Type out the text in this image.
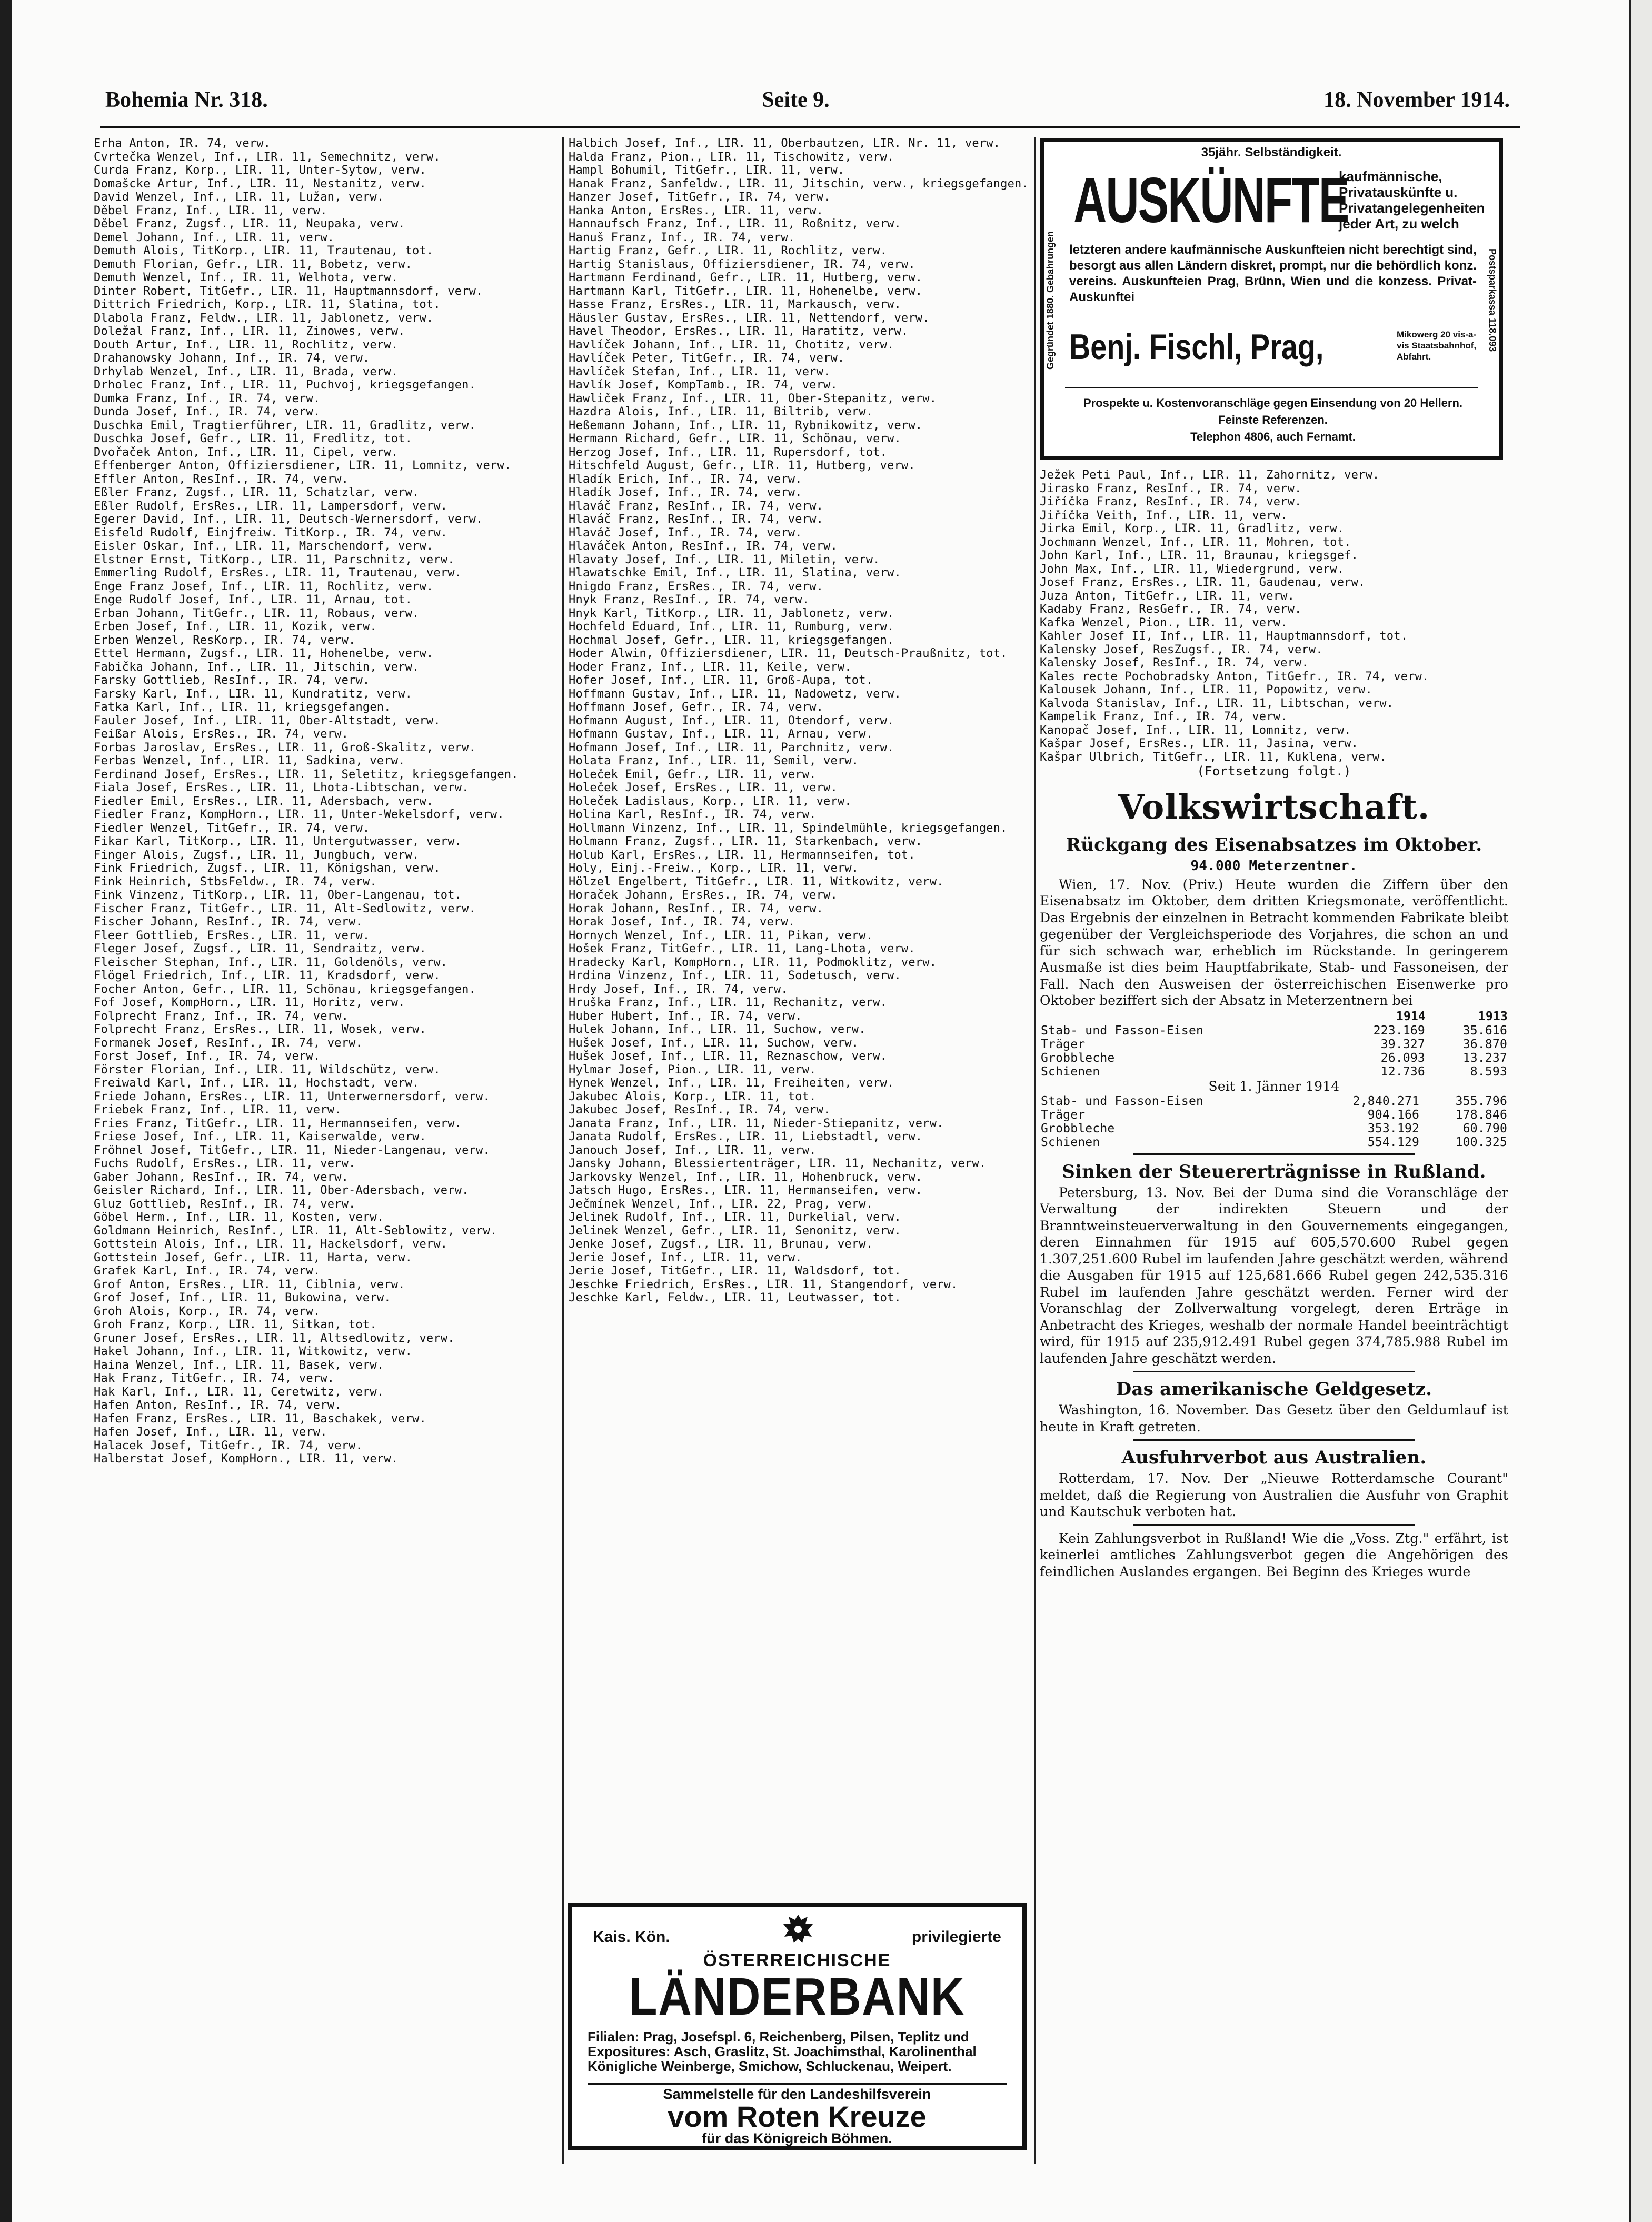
Bohemia Nr. 318.	Seite 9.	18. November 1914.

Erha Anton, IR. 74, verw.

Cvrtečka Wenzel, Inf., LIR. 11, Semechnitz, verw.

Curda Franz, Korp., LIR. 11, Unter-Sytow, verw.

Domašcke Artur, Inf., LIR. 11, Nestanitz, verw.

David Wenzel, Inf., LIR. 11, Lužan, verw.

Děbel Franz, Inf., LIR. 11, verw.

Děbel Franz, Zugsf., LIR. 11, Neupaka, verw.

Demel Johann, Inf., LIR. 11, verw.

Demuth Alois, TitKorp., LIR. 11, Trautenau, tot.

Demuth Florian, Gefr., LIR. 11, Bobetz, verw.

Demuth Wenzel, Inf., IR. 11, Welhota, verw.

Dinter Robert, TitGefr., LIR. 11, Hauptmannsdorf, verw.

Dittrich Friedrich, Korp., LIR. 11, Slatina, tot.

Dlabola Franz, Feldw., LIR. 11, Jablonetz, verw.

Doležal Franz, Inf., LIR. 11, Zinowes, verw.

Douth Artur, Inf., LIR. 11, Rochlitz, verw.

Drahanowsky Johann, Inf., IR. 74, verw.

Drhylab Wenzel, Inf., LIR. 11, Brada, verw.

Drholec Franz, Inf., LIR. 11, Puchvoj, kriegsgefangen.

Dumka Franz, Inf., IR. 74, verw.

Dunda Josef, Inf., IR. 74, verw.

Duschka Emil, Tragtierführer, LIR. 11, Gradlitz, verw.

Duschka Josef, Gefr., LIR. 11, Fredlitz, tot.

Dvořaček Anton, Inf., LIR. 11, Cipel, verw.

Effenberger Anton, Offiziersdiener, LIR. 11, Lomnitz, verw.

Effler Anton, ResInf., IR. 74, verw.

Eßler Franz, Zugsf., LIR. 11, Schatzlar, verw.

Eßler Rudolf, ErsRes., LIR. 11, Lampersdorf, verw.

Egerer David, Inf., LIR. 11, Deutsch-Wernersdorf, verw.

Eisfeld Rudolf, Einjfreiw. TitKorp., IR. 74, verw.

Eisler Oskar, Inf., LIR. 11, Marschendorf, verw.

Elstner Ernst, TitKorp., LIR. 11, Parschnitz, verw.

Emmerling Rudolf, ErsRes., LIR. 11, Trautenau, verw.

Enge Franz Josef, Inf., LIR. 11, Rochlitz, verw.

Enge Rudolf Josef, Inf., LIR. 11, Arnau, tot.

Erban Johann, TitGefr., LIR. 11, Robaus, verw.

Erben Josef, Inf., LIR. 11, Kozik, verw.

Erben Wenzel, ResKorp., IR. 74, verw.

Ettel Hermann, Zugsf., LIR. 11, Hohenelbe, verw.

Fabička Johann, Inf., LIR. 11, Jitschin, verw.

Farsky Gottlieb, ResInf., IR. 74, verw.

Farsky Karl, Inf., LIR. 11, Kundratitz, verw.

Fatka Karl, Inf., LIR. 11, kriegsgefangen.

Fauler Josef, Inf., LIR. 11, Ober-Altstadt, verw.

Feißar Alois, ErsRes., IR. 74, verw.

Forbas Jaroslav, ErsRes., LIR. 11, Groß-Skalitz, verw.

Ferbas Wenzel, Inf., LIR. 11, Sadkina, verw.

Ferdinand Josef, ErsRes., LIR. 11, Seletitz, kriegsgefangen.

Fiala Josef, ErsRes., LIR. 11, Lhota-Libtschan, verw.

Fiedler Emil, ErsRes., LIR. 11, Adersbach, verw.

Fiedler Franz, KompHorn., LIR. 11, Unter-Wekelsdorf, verw.

Fiedler Wenzel, TitGefr., IR. 74, verw.

Fikar Karl, TitKorp., LIR. 11, Untergutwasser, verw.

Finger Alois, Zugsf., LIR. 11, Jungbuch, verw.

Fink Friedrich, Zugsf., LIR. 11, Königshan, verw.

Fink Heinrich, StbsFeldw., IR. 74, verw.

Fink Vinzenz, TitKorp., LIR. 11, Ober-Langenau, tot.

Fischer Franz, TitGefr., LIR. 11, Alt-Sedlowitz, verw.

Fischer Johann, ResInf., IR. 74, verw.

Fleer Gottlieb, ErsRes., LIR. 11, verw.

Fleger Josef, Zugsf., LIR. 11, Sendraitz, verw.

Fleischer Stephan, Inf., LIR. 11, Goldenöls, verw.

Flögel Friedrich, Inf., LIR. 11, Kradsdorf, verw.

Focher Anton, Gefr., LIR. 11, Schönau, kriegsgefangen.

Fof Josef, KompHorn., LIR. 11, Horitz, verw.

Folprecht Franz, Inf., IR. 74, verw.

Folprecht Franz, ErsRes., LIR. 11, Wosek, verw.

Formanek Josef, ResInf., IR. 74, verw.

Forst Josef, Inf., IR. 74, verw.

Förster Florian, Inf., LIR. 11, Wildschütz, verw.

Freiwald Karl, Inf., LIR. 11, Hochstadt, verw.

Friede Johann, ErsRes., LIR. 11, Unterwernersdorf, verw.

Friebek Franz, Inf., LIR. 11, verw.

Fries Franz, TitGefr., LIR. 11, Hermannseifen, verw.

Friese Josef, Inf., LIR. 11, Kaiserwalde, verw.

Fröhnel Josef, TitGefr., LIR. 11, Nieder-Langenau, verw.

Fuchs Rudolf, ErsRes., LIR. 11, verw.

Gaber Johann, ResInf., IR. 74, verw.

Geisler Richard, Inf., LIR. 11, Ober-Adersbach, verw.

Gluz Gottlieb, ResInf., IR. 74, verw.

Göbel Herm., Inf., LIR. 11, Kosten, verw.

Goldmann Heinrich, ResInf., LIR. 11, Alt-Seblowitz, verw.

Gottstein Alois, Inf., LIR. 11, Hackelsdorf, verw.

Gottstein Josef, Gefr., LIR. 11, Harta, verw.

Grafek Karl, Inf., IR. 74, verw.

Grof Anton, ErsRes., LIR. 11, Ciblnia, verw.

Grof Josef, Inf., LIR. 11, Bukowina, verw.

Groh Alois, Korp., IR. 74, verw.

Groh Franz, Korp., LIR. 11, Sitkan, tot.

Gruner Josef, ErsRes., LIR. 11, Altsedlowitz, verw.

Hakel Johann, Inf., LIR. 11, Witkowitz, verw.

Haina Wenzel, Inf., LIR. 11, Basek, verw.

Hak Franz, TitGefr., IR. 74, verw.

Hak Karl, Inf., LIR. 11, Ceretwitz, verw.

Hafen Anton, ResInf., IR. 74, verw.

Hafen Franz, ErsRes., LIR. 11, Baschakek, verw.

Hafen Josef, Inf., LIR. 11, verw.

Halacek Josef, TitGefr., IR. 74, verw.

Halberstat Josef, KompHorn., LIR. 11, verw.

Halbich Josef, Inf., LIR. 11, Oberbautzen, LIR. Nr. 11, verw.

Halda Franz, Pion., LIR. 11, Tischowitz, verw.

Hampl Bohumil, TitGefr., LIR. 11, verw.

Hanak Franz, Sanfeldw., LIR. 11, Jitschin, verw., kriegsgefangen.

Hanzer Josef, TitGefr., IR. 74, verw.

Hanka Anton, ErsRes., LIR. 11, verw.

Hannaufsch Franz, Inf., LIR. 11, Roßnitz, verw.

Hanuš Franz, Inf., IR. 74, verw.

Hartig Franz, Gefr., LIR. 11, Rochlitz, verw.

Hartig Stanislaus, Offiziersdiener, IR. 74, verw.

Hartmann Ferdinand, Gefr., LIR. 11, Hutberg, verw.

Hartmann Karl, TitGefr., LIR. 11, Hohenelbe, verw.

Hasse Franz, ErsRes., LIR. 11, Markausch, verw.

Häusler Gustav, ErsRes., LIR. 11, Nettendorf, verw.

Havel Theodor, ErsRes., LIR. 11, Haratitz, verw.

Havlíček Johann, Inf., LIR. 11, Chotitz, verw.

Havlíček Peter, TitGefr., IR. 74, verw.

Havlíček Stefan, Inf., LIR. 11, verw.

Havlík Josef, KompTamb., IR. 74, verw.

Hawliček Franz, Inf., LIR. 11, Ober-Stepanitz, verw.

Hazdra Alois, Inf., LIR. 11, Biltrib, verw.

Heßemann Johann, Inf., LIR. 11, Rybnikowitz, verw.

Hermann Richard, Gefr., LIR. 11, Schönau, verw.

Herzog Josef, Inf., LIR. 11, Rupersdorf, tot.

Hitschfeld August, Gefr., LIR. 11, Hutberg, verw.

Hladík Erich, Inf., IR. 74, verw.

Hladík Josef, Inf., IR. 74, verw.

Hlaváč Franz, ResInf., IR. 74, verw.

Hlaváč Franz, ResInf., IR. 74, verw.

Hlaváč Josef, Inf., IR. 74, verw.

Hlaváček Anton, ResInf., IR. 74, verw.

Hlavaty Josef, Inf., LIR. 11, Miletin, verw.

Hlawatschke Emil, Inf., LIR. 11, Slatina, verw.

Hnigdo Franz, ErsRes., IR. 74, verw.

Hnyk Franz, ResInf., IR. 74, verw.

Hnyk Karl, TitKorp., LIR. 11, Jablonetz, verw.

Hochfeld Eduard, Inf., LIR. 11, Rumburg, verw.

Hochmal Josef, Gefr., LIR. 11, kriegsgefangen.

Hoder Alwin, Offiziersdiener, LIR. 11, Deutsch-Praußnitz, tot.

Hoder Franz, Inf., LIR. 11, Keile, verw.

Hofer Josef, Inf., LIR. 11, Groß-Aupa, tot.

Hoffmann Gustav, Inf., LIR. 11, Nadowetz, verw.

Hoffmann Josef, Gefr., IR. 74, verw.

Hofmann August, Inf., LIR. 11, Otendorf, verw.

Hofmann Gustav, Inf., LIR. 11, Arnau, verw.

Hofmann Josef, Inf., LIR. 11, Parchnitz, verw.

Holata Franz, Inf., LIR. 11, Semil, verw.

Holeček Emil, Gefr., LIR. 11, verw.

Holeček Josef, ErsRes., LIR. 11, verw.

Holeček Ladislaus, Korp., LIR. 11, verw.

Holina Karl, ResInf., IR. 74, verw.

Hollmann Vinzenz, Inf., LIR. 11, Spindelmühle, kriegsgefangen.

Holmann Franz, Zugsf., LIR. 11, Starkenbach, verw.

Holub Karl, ErsRes., LIR. 11, Hermannseifen, tot.

Holy, Einj.-Freiw., Korp., LIR. 11, verw.

Hölzel Engelbert, TitGefr., LIR. 11, Witkowitz, verw.

Horaček Johann, ErsRes., IR. 74, verw.

Horak Johann, ResInf., IR. 74, verw.

Horak Josef, Inf., IR. 74, verw.

Hornych Wenzel, Inf., LIR. 11, Pikan, verw.

Hošek Franz, TitGefr., LIR. 11, Lang-Lhota, verw.

Hradecky Karl, KompHorn., LIR. 11, Podmoklitz, verw.

Hrdina Vinzenz, Inf., LIR. 11, Sodetusch, verw.

Hrdy Josef, Inf., IR. 74, verw.

Hruška Franz, Inf., LIR. 11, Rechanitz, verw.

Huber Hubert, Inf., IR. 74, verw.

Hulek Johann, Inf., LIR. 11, Suchow, verw.

Hušek Josef, Inf., LIR. 11, Suchow, verw.

Hušek Josef, Inf., LIR. 11, Reznaschow, verw.

Hylmar Josef, Pion., LIR. 11, verw.

Hynek Wenzel, Inf., LIR. 11, Freiheiten, verw.

Jakubec Alois, Korp., LIR. 11, tot.

Jakubec Josef, ResInf., IR. 74, verw.

Janata Franz, Inf., LIR. 11, Nieder-Stiepanitz, verw.

Janata Rudolf, ErsRes., LIR. 11, Liebstadtl, verw.

Janouch Josef, Inf., LIR. 11, verw.

Jansky Johann, Blessiertenträger, LIR. 11, Nechanitz, verw.

Jarkovsky Wenzel, Inf., LIR. 11, Hohenbruck, verw.

Jatsch Hugo, ErsRes., LIR. 11, Hermanseifen, verw.

Ječmínek Wenzel, Inf., LIR. 22, Prag, verw.

Jelinek Rudolf, Inf., LIR. 11, Durkelial, verw.

Jelinek Wenzel, Gefr., LIR. 11, Senonitz, verw.

Jenke Josef, Zugsf., LIR. 11, Brunau, verw.

Jerie Josef, Inf., LIR. 11, verw.

Jerie Josef, TitGefr., LIR. 11, Waldsdorf, tot.

Jeschke Friedrich, ErsRes., LIR. 11, Stangendorf, verw.

Jeschke Karl, Feldw., LIR. 11, Leutwasser, tot.

35jähr. Selbständigkeit.
Gegründet 1880. Gebahrungen	Postsparkassa 118.093
AUSKÜNFTE
kaufmännische, Privatauskünfte u. Privatangelegenheiten jeder Art, zu welch
letzteren andere kaufmännische Auskunfteien nicht berechtigt sind, besorgt aus allen Ländern diskret, prompt, nur die behördlich konz. vereins. Auskunfteien Prag, Brünn, Wien und die konzess. Privat-Auskunftei
Benj. Fischl, Prag,	Mikowerg 20 vis-a-vis Staatsbahnhof, Abfahrt.
Prospekte u. Kostenvoranschläge gegen Einsendung von 20 Hellern. Feinste Referenzen.
Telephon 4806, auch Fernamt.

Ježek Peti Paul, Inf., LIR. 11, Zahornitz, verw.

Jirasko Franz, ResInf., IR. 74, verw.

Jiříčka Franz, ResInf., IR. 74, verw.

Jiříčka Veith, Inf., LIR. 11, verw.

Jirka Emil, Korp., LIR. 11, Gradlitz, verw.

Jochmann Wenzel, Inf., LIR. 11, Mohren, tot.

John Karl, Inf., LIR. 11, Braunau, kriegsgef.

John Max, Inf., LIR. 11, Wiedergrund, verw.

Josef Franz, ErsRes., LIR. 11, Gaudenau, verw.

Juza Anton, TitGefr., LIR. 11, verw.

Kadaby Franz, ResGefr., IR. 74, verw.

Kafka Wenzel, Pion., LIR. 11, verw.

Kahler Josef II, Inf., LIR. 11, Hauptmannsdorf, tot.

Kalensky Josef, ResZugsf., IR. 74, verw.

Kalensky Josef, ResInf., IR. 74, verw.

Kales recte Pochobradsky Anton, TitGefr., IR. 74, verw.

Kalousek Johann, Inf., LIR. 11, Popowitz, verw.

Kalvoda Stanislav, Inf., LIR. 11, Libtschan, verw.

Kampelik Franz, Inf., IR. 74, verw.

Kanopač Josef, Inf., LIR. 11, Lomnitz, verw.

Kašpar Josef, ErsRes., LIR. 11, Jasina, verw.

Kašpar Ulbrich, TitGefr., LIR. 11, Kuklena, verw.

(Fortsetzung folgt.)
Volkswirtschaft.
Rückgang des Eisenabsatzes im Oktober.
94.000 Meterzentner.

Wien, 17. Nov. (Priv.) Heute wurden die Ziffern über den Eisenabsatz im Oktober, dem dritten Kriegsmonate, veröffentlicht. Das Ergebnis der einzelnen in Betracht kommenden Fabrikate bleibt gegenüber der Vergleichsperiode des Vorjahres, die schon an und für sich schwach war, erheblich im Rückstande. In geringerem Ausmaße ist dies beim Hauptfabrikate, Stab- und Fassoneisen, der Fall. Nach den Ausweisen der österreichischen Eisenwerke pro Oktober beziffert sich der Absatz in Meterzentnern bei

	1914	1913
Stab- und Fasson-Eisen	223.169	35.616
Träger	39.327	36.870
Grobbleche	26.093	13.237
Schienen	12.736	8.593
Seit 1. Jänner 1914
Stab- und Fasson-Eisen	2,840.271	355.796
Träger	904.166	178.846
Grobbleche	353.192	60.790
Schienen	554.129	100.325
Sinken der Steuererträgnisse in Rußland.

Petersburg, 13. Nov. Bei der Duma sind die Voranschläge der Verwaltung der indirekten Steuern und der Branntweinsteuerverwaltung in den Gouvernements eingegangen, deren Einnahmen für 1915 auf 605,570.600 Rubel gegen 1.307,251.600 Rubel im laufenden Jahre geschätzt werden, während die Ausgaben für 1915 auf 125,681.666 Rubel gegen 242,535.316 Rubel im laufenden Jahre geschätzt werden. Ferner wird der Voranschlag der Zollverwaltung vorgelegt, deren Erträge in Anbetracht des Krieges, weshalb der normale Handel beeinträchtigt wird, für 1915 auf 235,912.491 Rubel gegen 374,785.988 Rubel im laufenden Jahre geschätzt werden.

Das amerikanische Geldgesetz.

Washington, 16. November. Das Gesetz über den Geldumlauf ist heute in Kraft getreten.

Ausfuhrverbot aus Australien.

Rotterdam, 17. Nov. Der „Nieuwe Rotterdamsche Courant" meldet, daß die Regierung von Australien die Ausfuhr von Graphit und Kautschuk verboten hat.

Kein Zahlungsverbot in Rußland! Wie die „Voss. Ztg." erfährt, ist keinerlei amtliches Zahlungsverbot gegen die Angehörigen des feindlichen Auslandes ergangen. Bei Beginn des Krieges wurde

Kais. Kön.	privilegierte
ÖSTERREICHISCHE
LÄNDERBANK
Filialen: Prag, Josefspl. 6, Reichenberg, Pilsen, Teplitz und Expositures: Asch, Graslitz, St. Joachimsthal, Karolinenthal Königliche Weinberge, Smichow, Schluckenau, Weipert.
Sammelstelle für den Landeshilfsverein
vom Roten Kreuze
für das Königreich Böhmen.
